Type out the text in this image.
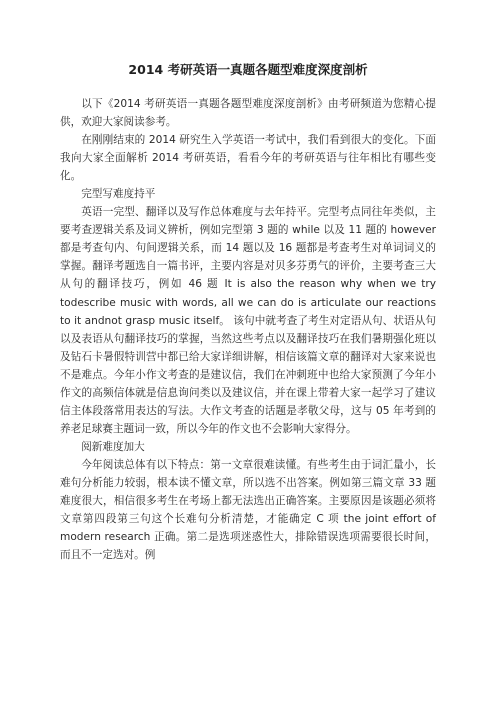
2014 考研英语一真题各题型难度深度剖析

以下《2014 考研英语一真题各题型难度深度剖析》由考研频道为您精心提供，欢迎大家阅读参考。

在刚刚结束的 2014 研究生入学英语一考试中，我们看到很大的变化。下面我向大家全面解析 2014 考研英语，看看今年的考研英语与往年相比有哪些变化。

完型写难度持平

英语一完型、翻译以及写作总体难度与去年持平。完型考点同往年类似，主要考查逻辑关系及词义辨析，例如完型第 3 题的 while 以及 11 题的 however 都是考查句内、句间逻辑关系，而 14 题以及 16 题都是考查考生对单词词义的掌握。翻译考题选自一篇书评，主要内容是对贝多芬勇气的评价，主要考查三大从句的翻译技巧，例如 46 题 It is also the reason why when we try todescribe music with words, all we can do is articulate our reactions to it andnot grasp music itself。 该句中就考查了考生对定语从句、状语从句以及表语从句翻译技巧的掌握，当然这些考点以及翻译技巧在我们暑期强化班以及钻石卡暑假特训营中都已给大家详细讲解，相信该篇文章的翻译对大家来说也不是难点。今年小作文考查的是建议信，我们在冲刺班中也给大家预测了今年小作文的高频信体就是信息询问类以及建议信，并在课上带着大家一起学习了建议信主体段落常用表达的写法。大作文考查的话题是孝敬父母，这与 05 年考到的养老足球赛主题词一致，所以今年的作文也不会影响大家得分。

阅新难度加大

今年阅读总体有以下特点：第一文章很难读懂。有些考生由于词汇量小，长难句分析能力较弱，根本读不懂文章，所以选不出答案。例如第三篇文章 33 题难度很大，相信很多考生在考场上都无法选出正确答案。主要原因是该题必须将文章第四段第三句这个长难句分析清楚，才能确定 C 项 the joint effort of modern research 正确。第二是选项迷惑性大，排除错误选项需要很长时间，而且不一定选对。例
